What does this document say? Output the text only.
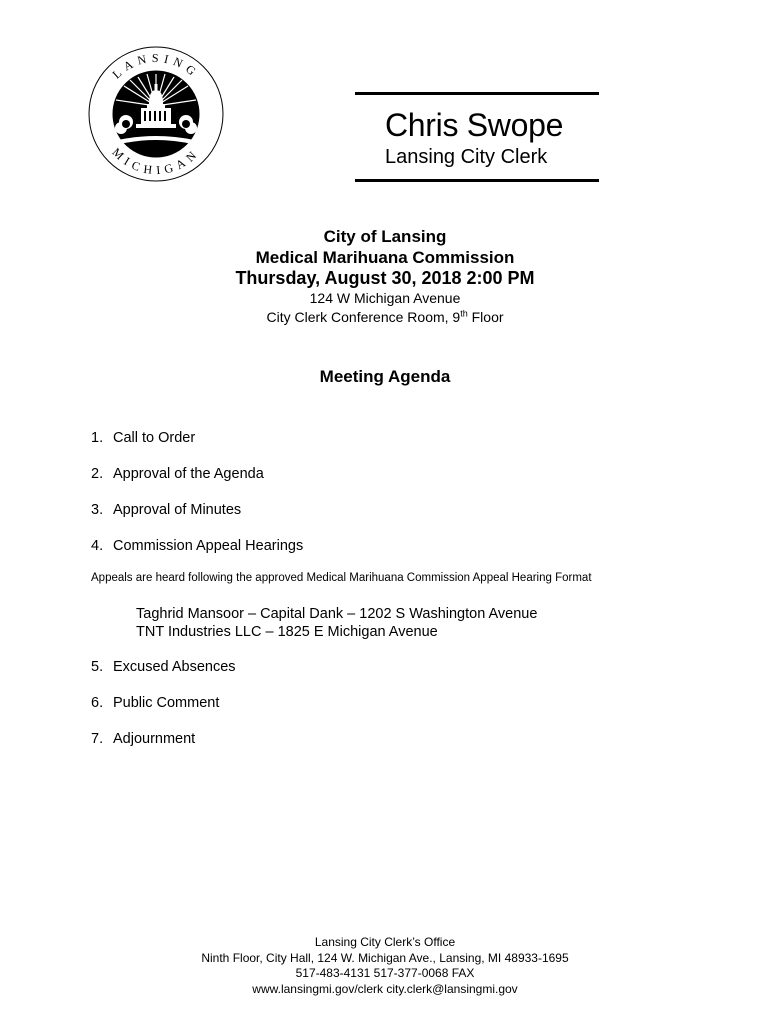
LANSING
MICHIGAN
Chris Swope
Lansing City Clerk
City of Lansing
Medical Marihuana Commission
Thursday, August 30, 2018 2:00 PM
124 W Michigan Avenue
City Clerk Conference Room, 9th Floor
Meeting Agenda
1. Call to Order
2. Approval of the Agenda
3. Approval of Minutes
4. Commission Appeal Hearings
Appeals are heard following the approved Medical Marihuana Commission Appeal Hearing Format
Taghrid Mansoor – Capital Dank – 1202 S Washington Avenue
TNT Industries LLC – 1825 E Michigan Avenue
5. Excused Absences
6. Public Comment
7. Adjournment
Lansing City Clerk’s Office
Ninth Floor, City Hall, 124 W. Michigan Ave., Lansing, MI 48933-1695
517-483-4131 517-377-0068 FAX
www.lansingmi.gov/clerk city.clerk@lansingmi.gov
